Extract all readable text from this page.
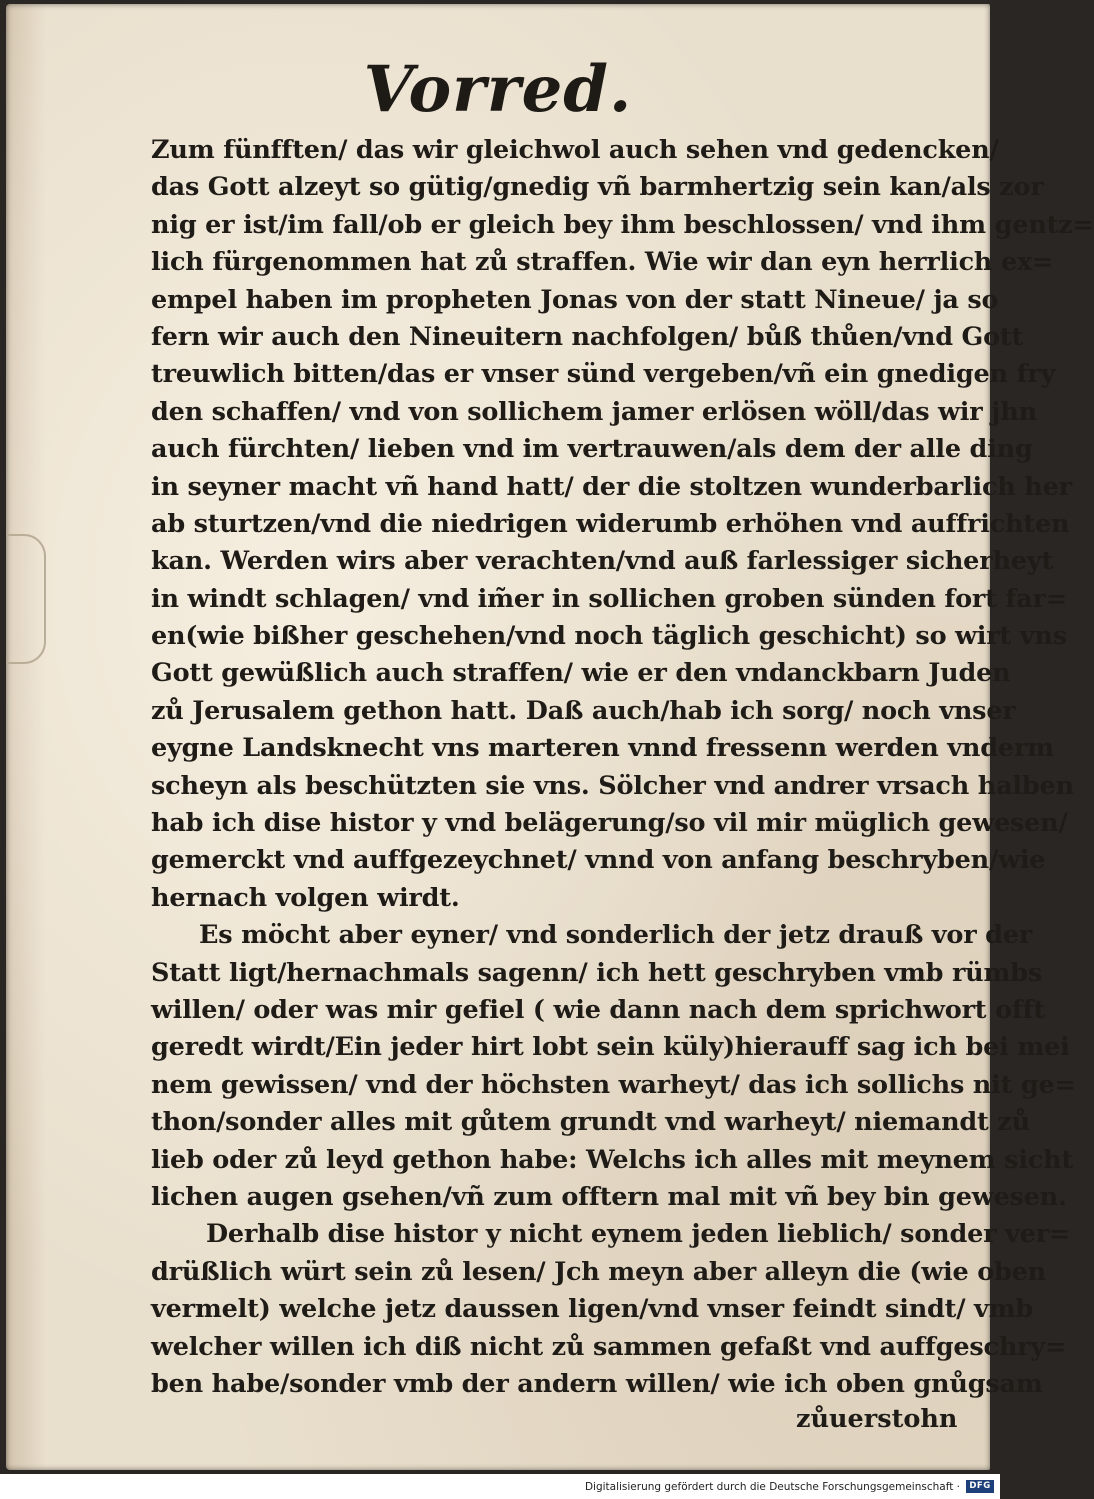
Vorred.
Zum fünfften/ das wir gleichwol auch sehen vnd gedencken/
das Gott alzeyt so gütig/gnedig vñ barmhertzig sein kan/als zor
nig er ist/im fall/ob er gleich bey ihm beschlossen/ vnd ihm gentz=
lich fürgenommen hat zů straffen. Wie wir dan eyn herrlich ex=
empel haben im propheten Jonas von der statt Nineue/ ja so
fern wir auch den Nineuitern nachfolgen/ bůß thůen/vnd Gott
treuwlich bitten/das er vnser sünd vergeben/vñ ein gnedigen fry
den schaffen/ vnd von sollichem jamer erlösen wöll/das wir jhn
auch fürchten/ lieben vnd im vertrauwen/als dem der alle ding
in seyner macht vñ hand hatt/ der die stoltzen wunderbarlich her
ab sturtzen/vnd die niedrigen widerumb erhöhen vnd auffrichten
kan. Werden wirs aber verachten/vnd auß farlessiger sicherheyt
in windt schlagen/ vnd im̃er in sollichen groben sünden fort far=
en(wie bißher geschehen/vnd noch täglich geschicht) so wirt vns
Gott gewüßlich auch straffen/ wie er den vndanckbarn Juden
zů Jerusalem gethon hatt. Daß auch/hab ich sorg/ noch vnser
eygne Landsknecht vns marteren vnnd fressenn werden vnderm
scheyn als beschützten sie vns. Sölcher vnd andrer vrsach halben
hab ich dise histor y vnd belägerung/so vil mir müglich gewesen/
gemerckt vnd auffgezeychnet/ vnnd von anfang beschryben/wie
hernach volgen wirdt.
Es möcht aber eyner/ vnd sonderlich der jetz drauß vor der
Statt ligt/hernachmals sagenn/ ich hett geschryben vmb rümbs
willen/ oder was mir gefiel ( wie dann nach dem sprichwort offt
geredt wirdt/Ein jeder hirt lobt sein küly)hierauff sag ich bei mei
nem gewissen/ vnd der höchsten warheyt/ das ich sollichs nit ge=
thon/sonder alles mit gůtem grundt vnd warheyt/ niemandt zů
lieb oder zů leyd gethon habe: Welchs ich alles mit meynem sicht
lichen augen gsehen/vñ zum offtern mal mit vñ bey bin gewesen.
Derhalb dise histor y nicht eynem jeden lieblich/ sonder ver=
drüßlich würt sein zů lesen/ Jch meyn aber alleyn die (wie oben
vermelt) welche jetz daussen ligen/vnd vnser feindt sindt/ vmb
welcher willen ich diß nicht zů sammen gefaßt vnd auffgeschry=
ben habe/sonder vmb der andern willen/ wie ich oben gnůgsam
zůuerstohn
Digitalisierung gefördert durch die Deutsche Forschungsgemeinschaft ·	DFG
